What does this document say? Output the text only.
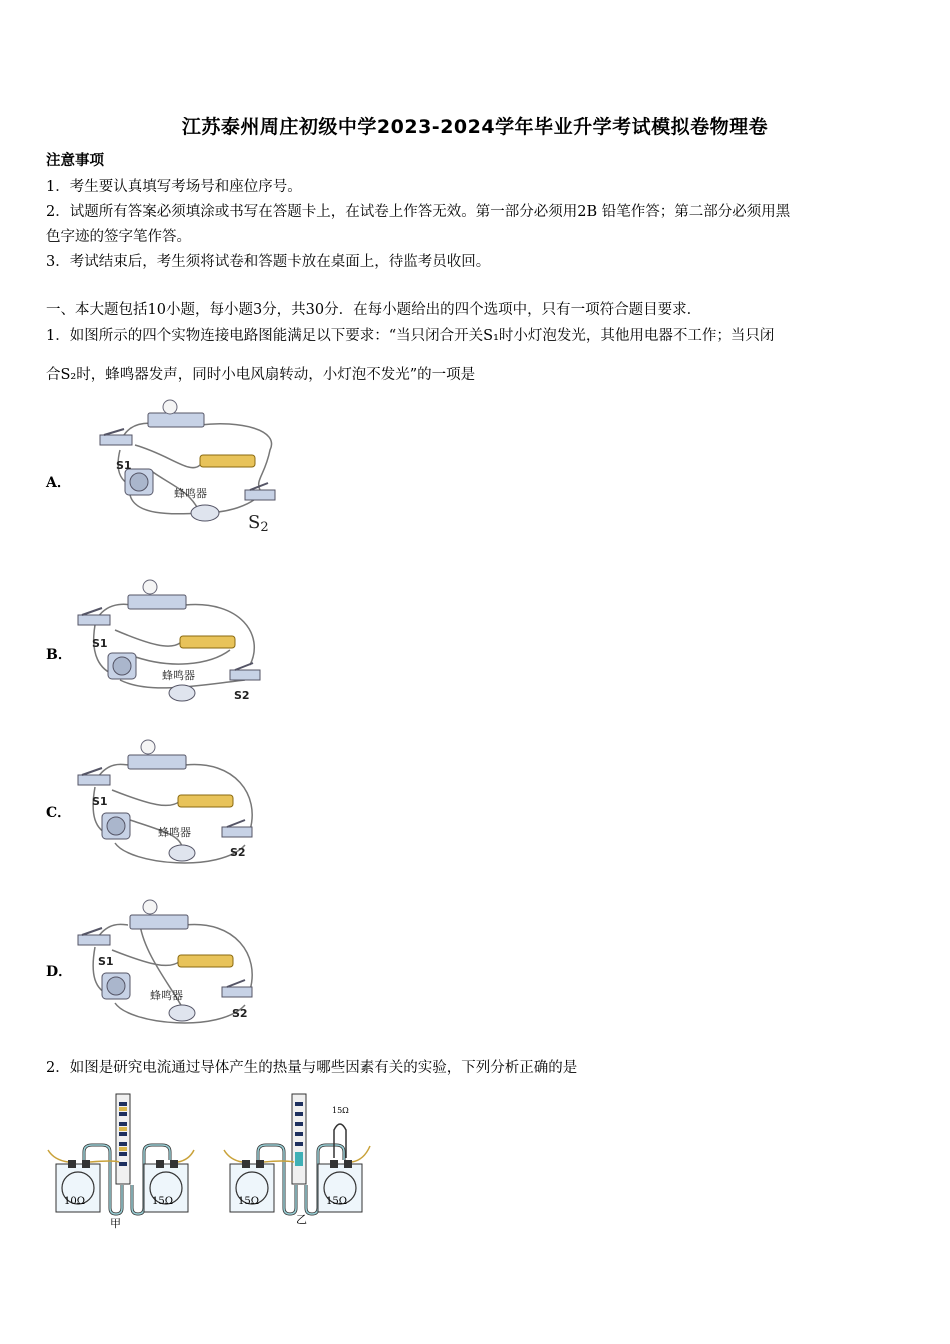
江苏泰州周庄初级中学2023-2024学年毕业升学考试模拟卷物理卷
注意事项
1．考生要认真填写考场号和座位序号。
2．试题所有答案必须填涂或书写在答题卡上，在试卷上作答无效。第一部分必须用2B 铅笔作答；第二部分必须用黑
色字迹的签字笔作答。
3．考试结束后，考生须将试卷和答题卡放在桌面上，待监考员收回。
一、本大题包括10小题，每小题3分，共30分．在每小题给出的四个选项中，只有一项符合题目要求．
1．如图所示的四个实物连接电路图能满足以下要求：“当只闭合开关S₁时小灯泡发光，其他用电器不工作；当只闭
合S₂时，蜂鸣器发声，同时小电风扇转动，小灯泡不发光”的一项是
A．
S1
蜂鸣器
S2
B．
S1
蜂鸣器
S2
C．
S1
蜂鸣器
S2
D．
S1
蜂鸣器
S2
2．如图是研究电流通过导体产生的热量与哪些因素有关的实验，下列分析正确的是
10Ω	15Ω
甲
15Ω
15Ω	15Ω
乙
